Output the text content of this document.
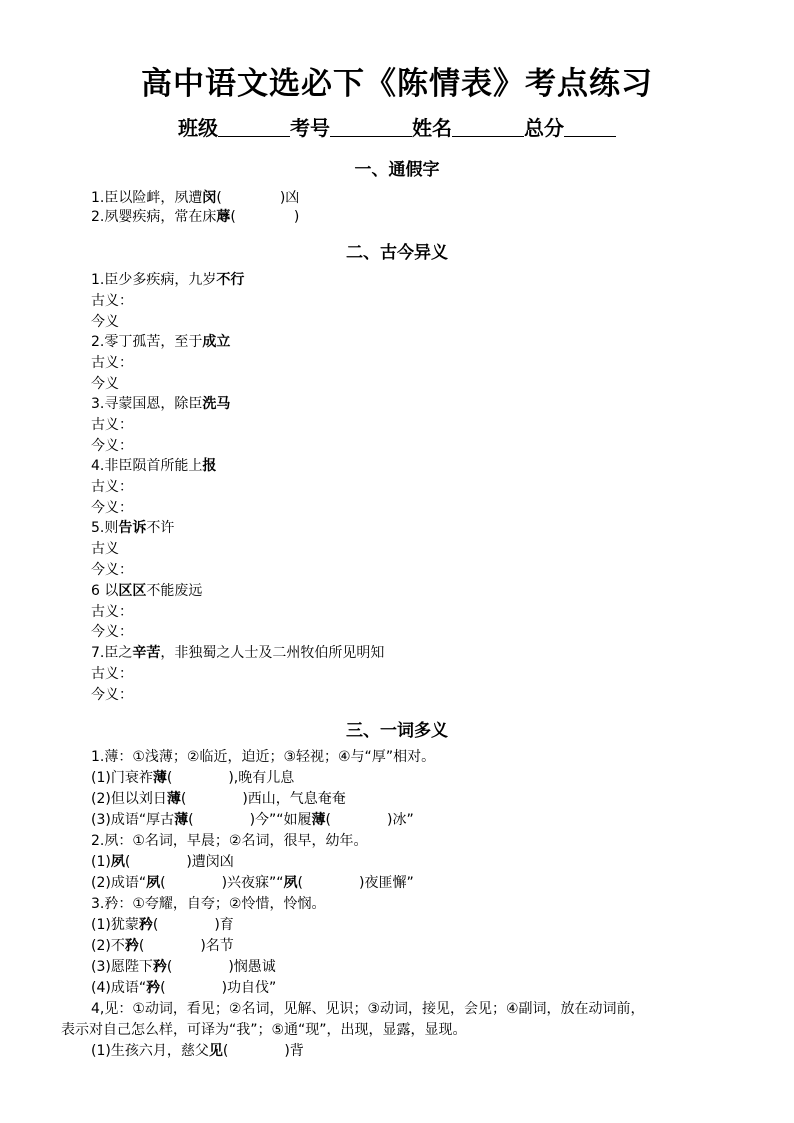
高中语文选必下《陈情表》考点练习
班级	考号	姓名	总分
一、通假字
1.臣以险衅，夙遭闵(	)凶
2.夙婴疾病，常在床蓐(	)
二、古今异义
1.臣少多疾病，九岁不行
古义：
今义
2.零丁孤苦，至于成立
古义：
今义
3.寻蒙国恩，除臣洗马
古义：
今义：
4.非臣陨首所能上报
古义：
今义：
5.则告诉不许
古义
今义：
6 以区区不能废远
古义：
今义：
7.臣之辛苦，非独蜀之人士及二州牧伯所见明知
古义：
今义：
三、一词多义
1.薄：①浅薄；②临近，迫近；③轻视；④与“厚”相对。
(1)门衰祚薄(	),晚有儿息
(2)但以刘日薄(	)西山，气息奄奄
(3)成语“厚古薄(	)今”“如履薄(	)冰”
2.夙：①名词，早晨；②名词，很早，幼年。
(1)夙(	)遭闵凶
(2)成语“夙(	)兴夜寐”“夙(	)夜匪懈”
3.矜：①夸耀，自夸；②怜惜，怜悯。
(1)犹蒙矜(	)育
(2)不矜(	)名节
(3)愿陛下矜(	)悯愚诚
(4)成语“矜(	)功自伐”
4,见：①动词，看见；②名词，见解、见识；③动词，接见，会见；④副词，放在动词前，
表示对自己怎么样，可译为“我”；⑤通“现”，出现，显露，显现。
(1)生孩六月，慈父见(	)背
